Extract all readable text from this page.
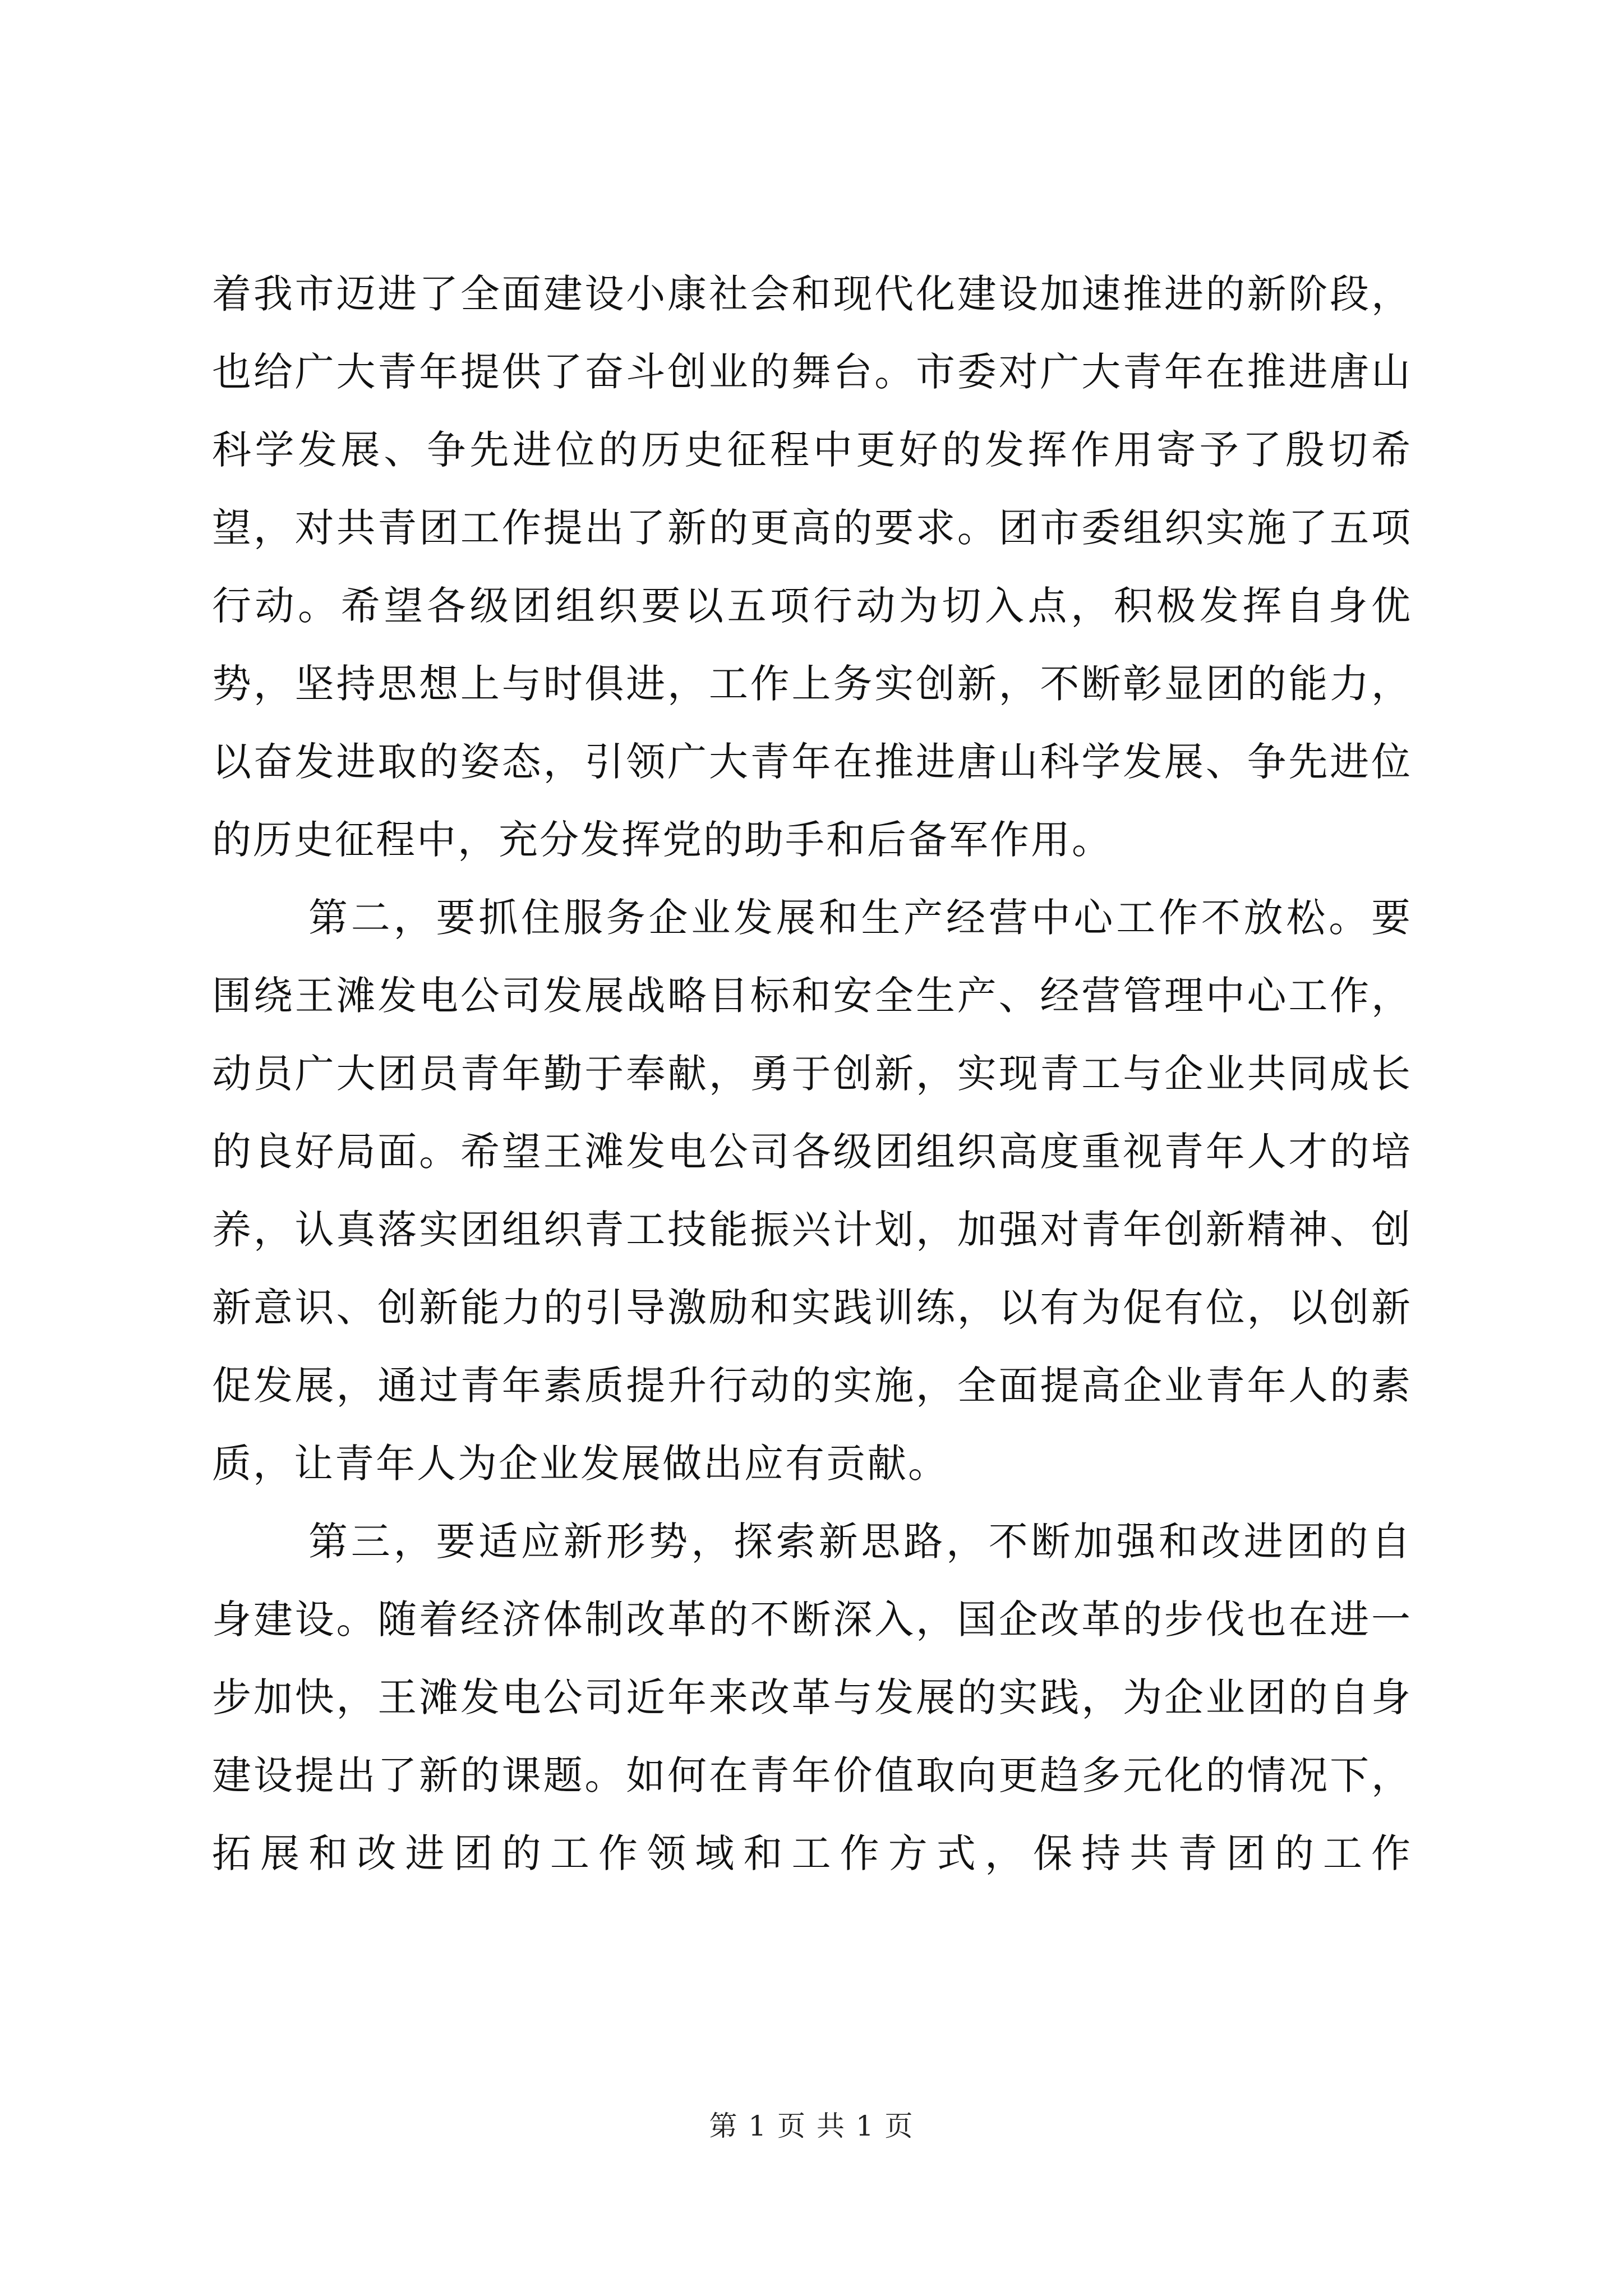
着我市迈进了全面建设小康社会和现代化建设加速推进的新阶段，也给广大青年提供了奋斗创业的舞台。市委对广大青年在推进唐山科学发展、争先进位的历史征程中更好的发挥作用寄予了殷切希望，对共青团工作提出了新的更高的要求。团市委组织实施了五项行动。希望各级团组织要以五项行动为切入点，积极发挥自身优势，坚持思想上与时俱进，工作上务实创新，不断彰显团的能力，以奋发进取的姿态，引领广大青年在推进唐山科学发展、争先进位的历史征程中，充分发挥党的助手和后备军作用。

第二，要抓住服务企业发展和生产经营中心工作不放松。要围绕王滩发电公司发展战略目标和安全生产、经营管理中心工作，动员广大团员青年勤于奉献，勇于创新，实现青工与企业共同成长的良好局面。希望王滩发电公司各级团组织高度重视青年人才的培养，认真落实团组织青工技能振兴计划，加强对青年创新精神、创新意识、创新能力的引导激励和实践训练，以有为促有位，以创新促发展，通过青年素质提升行动的实施，全面提高企业青年人的素质，让青年人为企业发展做出应有贡献。

第三，要适应新形势，探索新思路，不断加强和改进团的自身建设。随着经济体制改革的不断深入，国企改革的步伐也在进一步加快，王滩发电公司近年来改革与发展的实践，为企业团的自身建设提出了新的课题。如何在青年价值取向更趋多元化的情况下，拓展和改进团的工作领域和工作方式，保持共青团的工作

第 1 页 共 1 页
